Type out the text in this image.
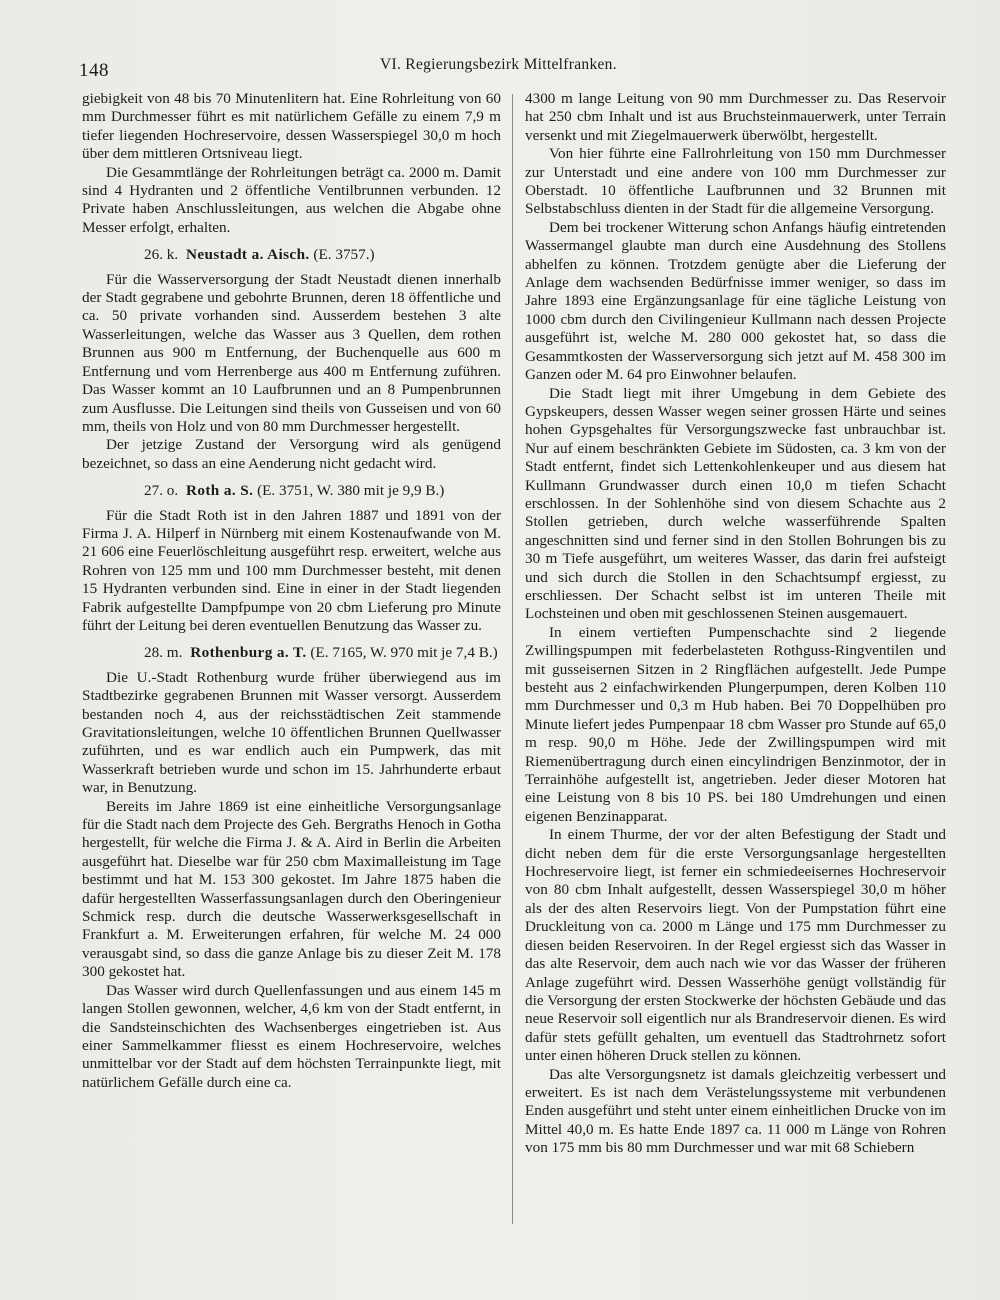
148	VI. Regierungsbezirk Mittelfranken.

giebigkeit von 48 bis 70 Minutenlitern hat. Eine Rohrleitung von 60 mm Durchmesser führt es mit natürlichem Gefälle zu einem 7,9 m tiefer liegenden Hochreservoire, dessen Wasserspiegel 30,0 m hoch über dem mittleren Ortsniveau liegt.

Die Gesammtlänge der Rohrleitungen beträgt ca. 2000 m. Damit sind 4 Hydranten und 2 öffentliche Ventilbrunnen verbunden. 12 Private haben Anschlussleitungen, aus welchen die Abgabe ohne Messer erfolgt, erhalten.

26. k. Neustadt a. Aisch. (E. 3757.)

Für die Wasserversorgung der Stadt Neustadt dienen innerhalb der Stadt gegrabene und gebohrte Brunnen, deren 18 öffentliche und ca. 50 private vorhanden sind. Ausserdem bestehen 3 alte Wasserleitungen, welche das Wasser aus 3 Quellen, dem rothen Brunnen aus 900 m Entfernung, der Buchenquelle aus 600 m Entfernung und vom Herrenberge aus 400 m Entfernung zuführen. Das Wasser kommt an 10 Laufbrunnen und an 8 Pumpenbrunnen zum Ausflusse. Die Leitungen sind theils von Gusseisen und von 60 mm, theils von Holz und von 80 mm Durchmesser hergestellt.

Der jetzige Zustand der Versorgung wird als genügend bezeichnet, so dass an eine Aenderung nicht gedacht wird.

27. o. Roth a. S. (E. 3751, W. 380 mit je 9,9 B.)

Für die Stadt Roth ist in den Jahren 1887 und 1891 von der Firma J. A. Hilperf in Nürnberg mit einem Kostenaufwande von M. 21 606 eine Feuerlöschleitung ausgeführt resp. erweitert, welche aus Rohren von 125 mm und 100 mm Durchmesser besteht, mit denen 15 Hydranten verbunden sind. Eine in einer in der Stadt liegenden Fabrik aufgestellte Dampfpumpe von 20 cbm Lieferung pro Minute führt der Leitung bei deren eventuellen Benutzung das Wasser zu.

28. m. Rothenburg a. T. (E. 7165, W. 970 mit je 7,4 B.)

Die U.-Stadt Rothenburg wurde früher überwiegend aus im Stadtbezirke gegrabenen Brunnen mit Wasser versorgt. Ausserdem bestanden noch 4, aus der reichsstädtischen Zeit stammende Gravitationsleitungen, welche 10 öffentlichen Brunnen Quellwasser zuführten, und es war endlich auch ein Pumpwerk, das mit Wasserkraft betrieben wurde und schon im 15. Jahrhunderte erbaut war, in Benutzung.

Bereits im Jahre 1869 ist eine einheitliche Versorgungsanlage für die Stadt nach dem Projecte des Geh. Bergraths Henoch in Gotha hergestellt, für welche die Firma J. & A. Aird in Berlin die Arbeiten ausgeführt hat. Dieselbe war für 250 cbm Maximalleistung im Tage bestimmt und hat M. 153 300 gekostet. Im Jahre 1875 haben die dafür hergestellten Wasserfassungsanlagen durch den Oberingenieur Schmick resp. durch die deutsche Wasserwerksgesellschaft in Frankfurt a. M. Erweiterungen erfahren, für welche M. 24 000 verausgabt sind, so dass die ganze Anlage bis zu dieser Zeit M. 178 300 gekostet hat.

Das Wasser wird durch Quellenfassungen und aus einem 145 m langen Stollen gewonnen, welcher, 4,6 km von der Stadt entfernt, in die Sandsteinschichten des Wachsenberges eingetrieben ist. Aus einer Sammelkammer fliesst es einem Hochreservoire, welches unmittelbar vor der Stadt auf dem höchsten Terrainpunkte liegt, mit natürlichem Gefälle durch eine ca.

4300 m lange Leitung von 90 mm Durchmesser zu. Das Reservoir hat 250 cbm Inhalt und ist aus Bruchsteinmauerwerk, unter Terrain versenkt und mit Ziegelmauerwerk überwölbt, hergestellt.

Von hier führte eine Fallrohrleitung von 150 mm Durchmesser zur Unterstadt und eine andere von 100 mm Durchmesser zur Oberstadt. 10 öffentliche Laufbrunnen und 32 Brunnen mit Selbstabschluss dienten in der Stadt für die allgemeine Versorgung.

Dem bei trockener Witterung schon Anfangs häufig eintretenden Wassermangel glaubte man durch eine Ausdehnung des Stollens abhelfen zu können. Trotzdem genügte aber die Lieferung der Anlage dem wachsenden Bedürfnisse immer weniger, so dass im Jahre 1893 eine Ergänzungsanlage für eine tägliche Leistung von 1000 cbm durch den Civilingenieur Kullmann nach dessen Projecte ausgeführt ist, welche M. 280 000 gekostet hat, so dass die Gesammtkosten der Wasserversorgung sich jetzt auf M. 458 300 im Ganzen oder M. 64 pro Einwohner belaufen.

Die Stadt liegt mit ihrer Umgebung in dem Gebiete des Gypskeupers, dessen Wasser wegen seiner grossen Härte und seines hohen Gypsgehaltes für Versorgungszwecke fast unbrauchbar ist. Nur auf einem beschränkten Gebiete im Südosten, ca. 3 km von der Stadt entfernt, findet sich Lettenkohlenkeuper und aus diesem hat Kullmann Grundwasser durch einen 10,0 m tiefen Schacht erschlossen. In der Sohlenhöhe sind von diesem Schachte aus 2 Stollen getrieben, durch welche wasserführende Spalten angeschnitten sind und ferner sind in den Stollen Bohrungen bis zu 30 m Tiefe ausgeführt, um weiteres Wasser, das darin frei aufsteigt und sich durch die Stollen in den Schachtsumpf ergiesst, zu erschliessen. Der Schacht selbst ist im unteren Theile mit Lochsteinen und oben mit geschlossenen Steinen ausgemauert.

In einem vertieften Pumpenschachte sind 2 liegende Zwillingspumpen mit federbelasteten Rothguss-Ringventilen und mit gusseisernen Sitzen in 2 Ringflächen aufgestellt. Jede Pumpe besteht aus 2 einfachwirkenden Plungerpumpen, deren Kolben 110 mm Durchmesser und 0,3 m Hub haben. Bei 70 Doppelhüben pro Minute liefert jedes Pumpenpaar 18 cbm Wasser pro Stunde auf 65,0 m resp. 90,0 m Höhe. Jede der Zwillingspumpen wird mit Riemenübertragung durch einen eincylindrigen Benzinmotor, der in Terrainhöhe aufgestellt ist, angetrieben. Jeder dieser Motoren hat eine Leistung von 8 bis 10 PS. bei 180 Umdrehungen und einen eigenen Benzinapparat.

In einem Thurme, der vor der alten Befestigung der Stadt und dicht neben dem für die erste Versorgungsanlage hergestellten Hochreservoire liegt, ist ferner ein schmiedeeisernes Hochreservoir von 80 cbm Inhalt aufgestellt, dessen Wasserspiegel 30,0 m höher als der des alten Reservoirs liegt. Von der Pumpstation führt eine Druckleitung von ca. 2000 m Länge und 175 mm Durchmesser zu diesen beiden Reservoiren. In der Regel ergiesst sich das Wasser in das alte Reservoir, dem auch nach wie vor das Wasser der früheren Anlage zugeführt wird. Dessen Wasserhöhe genügt vollständig für die Versorgung der ersten Stockwerke der höchsten Gebäude und das neue Reservoir soll eigentlich nur als Brandreservoir dienen. Es wird dafür stets gefüllt gehalten, um eventuell das Stadtrohrnetz sofort unter einen höheren Druck stellen zu können.

Das alte Versorgungsnetz ist damals gleichzeitig verbessert und erweitert. Es ist nach dem Verästelungssysteme mit verbundenen Enden ausgeführt und steht unter einem einheitlichen Drucke von im Mittel 40,0 m. Es hatte Ende 1897 ca. 11 000 m Länge von Rohren von 175 mm bis 80 mm Durchmesser und war mit 68 Schiebern
